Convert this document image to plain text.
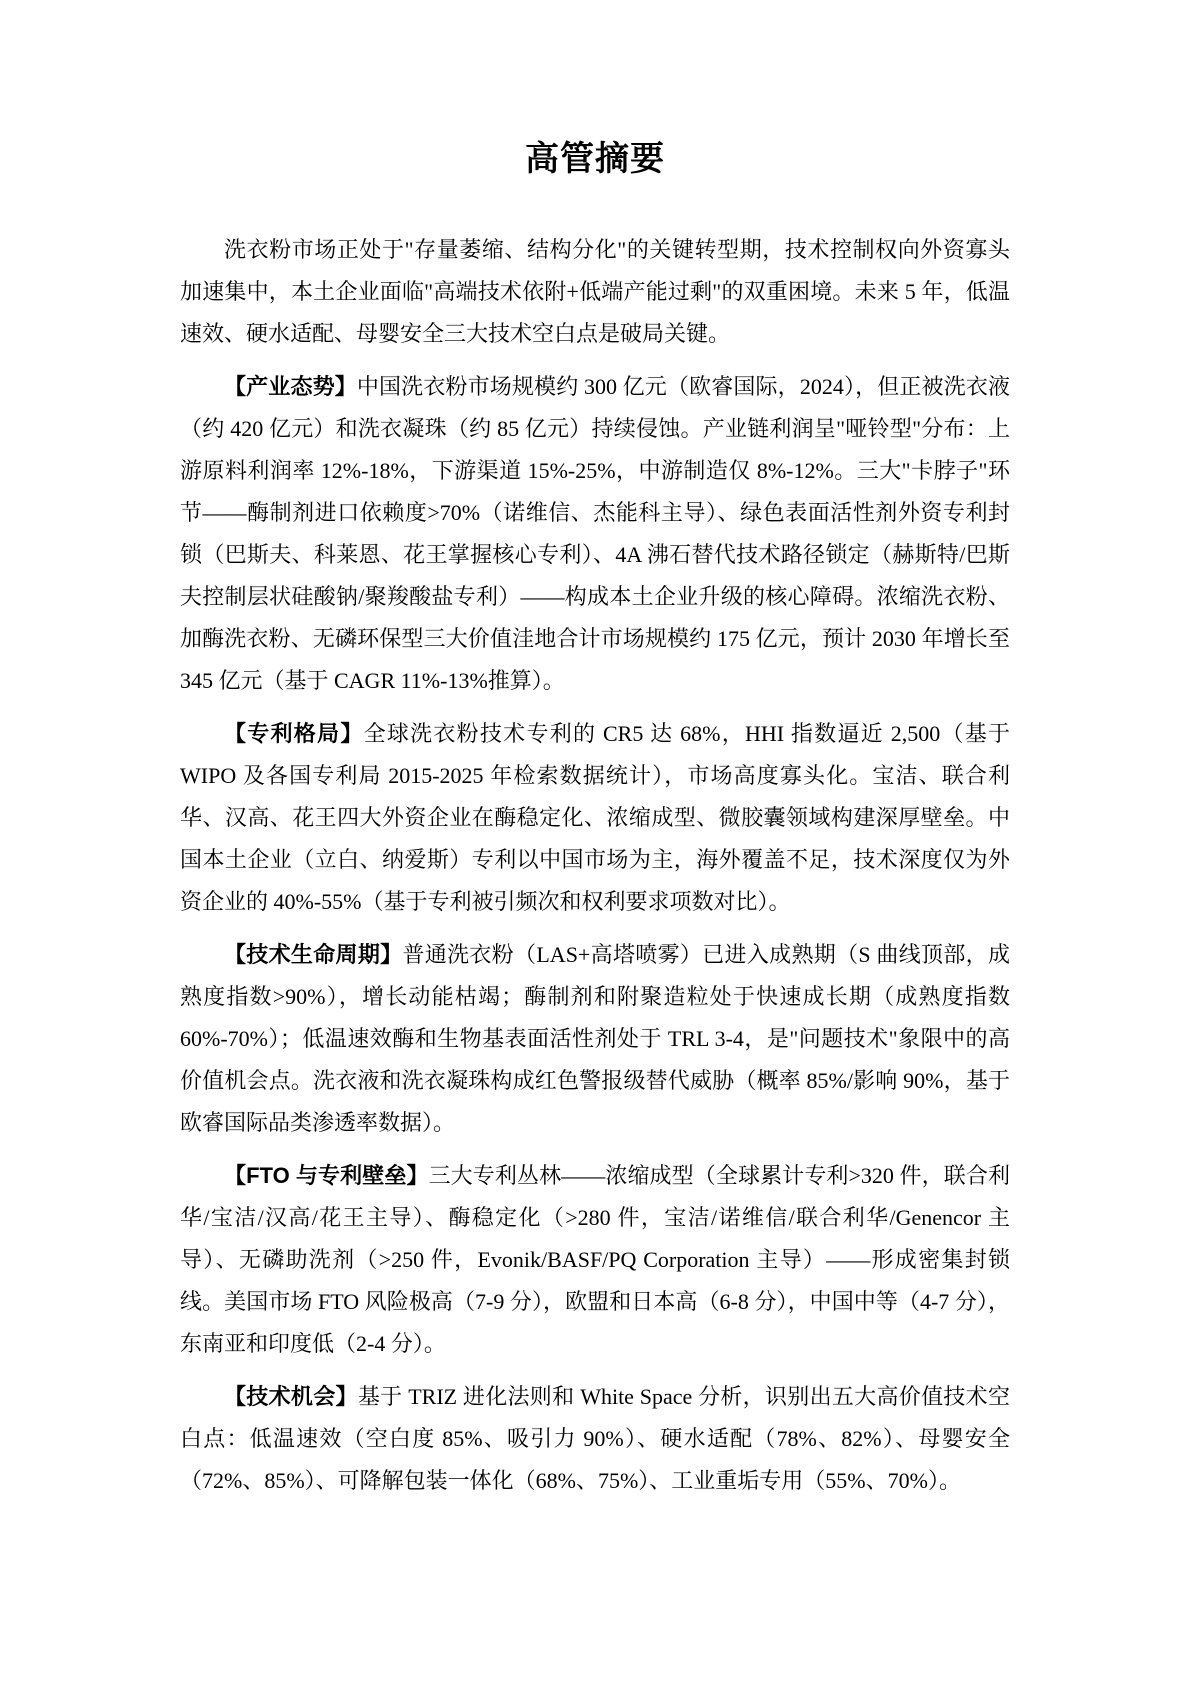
高管摘要

洗衣粉市场正处于"存量萎缩、结构分化"的关键转型期，技术控制权向外资寡头加速集中，本土企业面临"高端技术依附+低端产能过剩"的双重困境。未来 5 年，低温速效、硬水适配、母婴安全三大技术空白点是破局关键。

【产业态势】中国洗衣粉市场规模约 300 亿元（欧睿国际，2024），但正被洗衣液（约 420 亿元）和洗衣凝珠（约 85 亿元）持续侵蚀。产业链利润呈"哑铃型"分布：上游原料利润率 12%-18%，下游渠道 15%-25%，中游制造仅 8%-12%。三大"卡脖子"环节——酶制剂进口依赖度>70%（诺维信、杰能科主导）、绿色表面活性剂外资专利封锁（巴斯夫、科莱恩、花王掌握核心专利）、4A 沸石替代技术路径锁定（赫斯特/巴斯夫控制层状硅酸钠/聚羧酸盐专利）——构成本土企业升级的核心障碍。浓缩洗衣粉、加酶洗衣粉、无磷环保型三大价值洼地合计市场规模约 175 亿元，预计 2030 年增长至 345 亿元（基于 CAGR 11%-13%推算）。

【专利格局】全球洗衣粉技术专利的 CR5 达 68%，HHI 指数逼近 2,500（基于 WIPO 及各国专利局 2015-2025 年检索数据统计），市场高度寡头化。宝洁、联合利华、汉高、花王四大外资企业在酶稳定化、浓缩成型、微胶囊领域构建深厚壁垒。中国本土企业（立白、纳爱斯）专利以中国市场为主，海外覆盖不足，技术深度仅为外资企业的 40%-55%（基于专利被引频次和权利要求项数对比）。

【技术生命周期】普通洗衣粉（LAS+高塔喷雾）已进入成熟期（S 曲线顶部，成熟度指数>90%），增长动能枯竭；酶制剂和附聚造粒处于快速成长期（成熟度指数 60%-70%）；低温速效酶和生物基表面活性剂处于 TRL 3-4，是"问题技术"象限中的高价值机会点。洗衣液和洗衣凝珠构成红色警报级替代威胁（概率 85%/影响 90%，基于欧睿国际品类渗透率数据）。

【FTO 与专利壁垒】三大专利丛林——浓缩成型（全球累计专利>320 件，联合利华/宝洁/汉高/花王主导）、酶稳定化（>280 件，宝洁/诺维信/联合利华/Genencor 主导）、无磷助洗剂（>250 件，Evonik/BASF/PQ Corporation 主导）——形成密集封锁线。美国市场 FTO 风险极高（7-9 分），欧盟和日本高（6-8 分），中国中等（4-7 分），东南亚和印度低（2-4 分）。

【技术机会】基于 TRIZ 进化法则和 White Space 分析，识别出五大高价值技术空白点：低温速效（空白度 85%、吸引力 90%）、硬水适配（78%、82%）、母婴安全（72%、85%）、可降解包装一体化（68%、75%）、工业重垢专用（55%、70%）。
